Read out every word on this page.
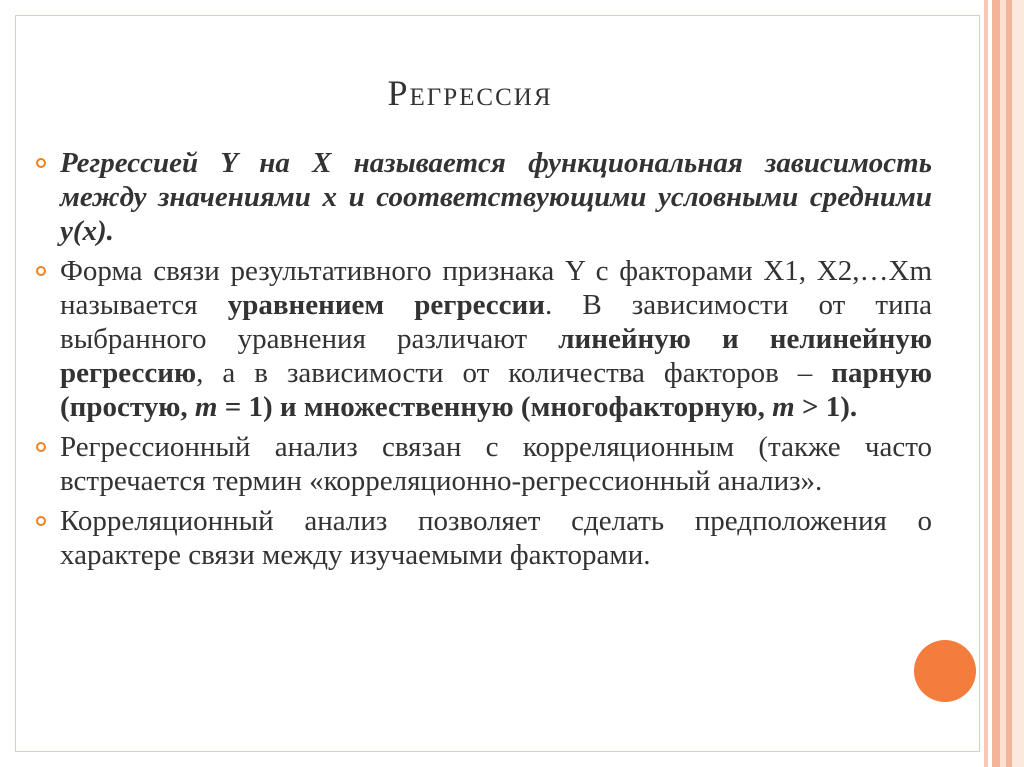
Регрессия
Регрессией Y на X называется функциональная зависимость между значениями x и соответствующими условными средними y(x).
Форма связи результативного признака Y с факторами X1, X2,…Xm называется уравнением регрессии. В зависимости от типа выбранного уравнения различают линейную и нелинейную регрессию, а в зависимости от количества факторов – парную (простую, m = 1) и множественную (многофакторную, m > 1).
Регрессионный анализ связан с корреляционным (также часто встречается термин «корреляционно-регрессионный анализ».
Корреляционный анализ позволяет сделать предположения о характере связи между изучаемыми факторами.
